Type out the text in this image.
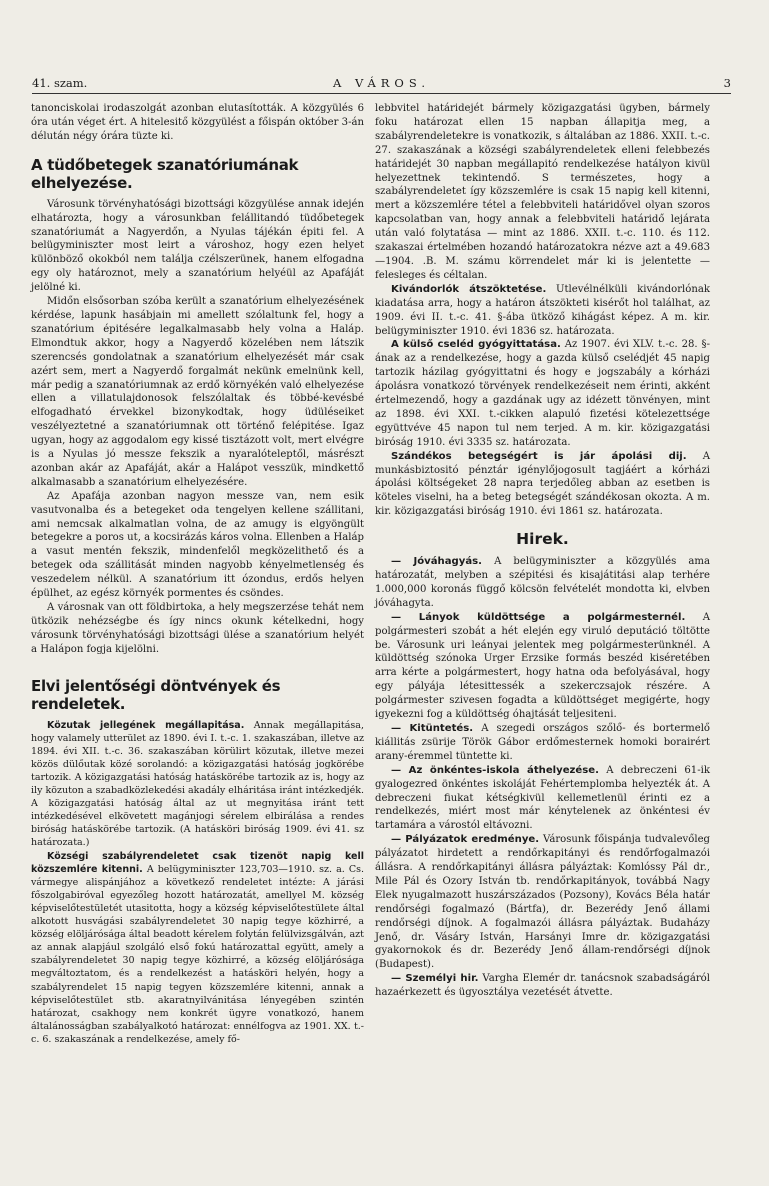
41. szam.	A VÁROS.	3

tanonciskolai irodaszolgát azonban elutasították. A közgyülés 6 óra után véget ért. A hitelesitő közgyülést a főispán október 3-án délután négy órára tüzte ki.

A tüdőbetegek szanatóriumának elhelyezése.

Városunk törvényhatósági bizottsági közgyülése annak idején elhatározta, hogy a városunkban felállitandó tüdőbetegek szanatóriumát a Nagyerdőn, a Nyulas tájékán épiti fel. A belügyminiszter most leirt a városhoz, hogy ezen helyet különböző okokból nem találja czélszerünek, hanem elfogadna egy oly határoznot, mely a szanatórium helyéül az Apafáját jelölné ki.

Midőn elsősorban szóba került a szanatórium elhelyezésének kérdése, lapunk hasábjain mi amellett szólaltunk fel, hogy a szanatórium épitésére legalkalmasabb hely volna a Haláp. Elmondtuk akkor, hogy a Nagyerdő közelében nem látszik szerencsés gondolatnak a szanatórium elhelyezését már csak azért sem, mert a Nagyerdő forgalmát nekünk emelnünk kell, már pedig a szanatóriumnak az erdő környékén való elhelyezése ellen a villatulajdonosok felszólaltak és többé-kevésbé elfogadható érvekkel bizonykodtak, hogy üdüléseiket veszélyeztetné a szanatóriumnak ott történő felépitése. Igaz ugyan, hogy az aggodalom egy kissé tisztázott volt, mert elvégre is a Nyulas jó messze fekszik a nyaralóteleptől, másrészt azonban akár az Apafáját, akár a Halápot vesszük, mindkettő alkalmasabb a szanatórium elhelyezésére.

Az Apafája azonban nagyon messze van, nem esik vasutvonalba és a betegeket oda tengelyen kellene szállitani, ami nemcsak alkalmatlan volna, de az amugy is elgyöngült betegekre a poros ut, a kocsirázás káros volna. Ellenben a Haláp a vasut mentén fekszik, mindenfelől megközelithető és a betegek oda szállitását minden nagyobb kényelmetlenség és veszedelem nélkül. A szanatórium itt ózondus, erdős helyen épülhet, az egész környék pormentes és csöndes.

A városnak van ott földbirtoka, a hely megszerzése tehát nem ütközik nehézségbe és így nincs okunk kételkedni, hogy városunk törvényhatósági bizottsági ülése a szanatórium helyét a Halápon fogja kijelölni.

Elvi jelentőségi döntvények és rendeletek.

Közutak jellegének megállapitása. Annak megállapitása, hogy valamely utterület az 1890. évi I. t.-c. 1. szakaszában, illetve az 1894. évi XII. t.-c. 36. szakaszában körülirt közutak, illetve mezei közös dülőutak közé sorolandó: a közigazgatási hatóság jogkörébe tartozik. A közigazgatási hatóság hatáskörébe tartozik az is, hogy az ily közuton a szabadközlekedési akadály elháritása iránt intézkedjék. A közigazgatási hatóság által az ut megnyitása iránt tett intézkedésével elkövetett magánjogi sérelem elbirálása a rendes biróság hatáskörébe tartozik. (A hatásköri biróság 1909. évi 41. sz határozata.)

Községi szabályrendeletet csak tizenöt napig kell közszemlére kitenni. A belügyminiszter 123,703—1910. sz. a. Cs. vármegye alispánjához a következő rendeletet intézte: A járási főszolgabiróval egyezőleg hozott határozatát, amellyel M. község képviselőtestületét utasitotta, hogy a község képviselőtestülete által alkotott husvágási szabályrendeletet 30 napig tegye közhirré, a község elöljárósága által beadott kérelem folytán felülvizsgálván, azt az annak alapjául szolgáló első fokú határozattal együtt, amely a szabályrendeletet 30 napig tegye közhirré, a község elöljárósága megváltoztatom, és a rendelkezést a hatásköri helyén, hogy a szabályrendelet 15 napig tegyen közszemlére kitenni, annak a képviselőtestület stb. akaratnyilvánitása lényegében szintén határozat, csakhogy nem konkrét ügyre vonatkozó, hanem általánosságban szabályalkotó határozat: ennélfogva az 1901. XX. t.-c. 6. szakaszának a rendelkezése, amely fő-

lebbvitel határidejét bármely közigazgatási ügyben, bármely foku határozat ellen 15 napban állapitja meg, a szabályrendeletekre is vonatkozik, s általában az 1886. XXII. t.-c. 27. szakaszának a községi szabályrendeletek elleni felebbezés határidejét 30 napban megállapitó rendelkezése hatályon kivül helyezettnek tekintendő. S természetes, hogy a szabályrendeletet így közszemlére is csak 15 napig kell kitenni, mert a közszemlére tétel a felebbviteli határidővel olyan szoros kapcsolatban van, hogy annak a felebbviteli határidő lejárata után való folytatása — mint az 1886. XXII. t.-c. 110. és 112. szakaszai értelmében hozandó határozatokra nézve azt a 49.683—1904. .B. M. számu körrendelet már ki is jelentette — felesleges és céltalan.

Kivándorlók átszöktetése. Utlevélnélküli kivándorlónak kiadatása arra, hogy a határon átszökteti kisérőt hol találhat, az 1909. évi II. t.-c. 41. §-ába ütköző kihágást képez. A m. kir. belügyminiszter 1910. évi 1836 sz. határozata.

A külső cseléd gyógyittatása. Az 1907. évi XLV. t.-c. 28. §-ának az a rendelkezése, hogy a gazda külső cselédjét 45 napig tartozik házilag gyógyittatni és hogy e jogszabály a kórházi ápolásra vonatkozó törvények rendelkezéseit nem érinti, akként értelmezendő, hogy a gazdának ugy az idézett tönvényen, mint az 1898. évi XXI. t.-cikken alapuló fizetési kötelezettsége együttvéve 45 napon tul nem terjed. A m. kir. közigazgatási biróság 1910. évi 3335 sz. határozata.

Szándékos betegségért is jár ápolási dij. A munkásbiztositó pénztár igénylőjogosult tagjáért a kórházi ápolási költségeket 28 napra terjedőleg abban az esetben is köteles viselni, ha a beteg betegségét szándékosan okozta. A m. kir. közigazgatási biróság 1910. évi 1861 sz. határozata.

Hirek.

— Jóváhagyás. A belügyminiszter a közgyülés ama határozatát, melyben a szépitési és kisajátitási alap terhére 1.000,000 koronás függő kölcsön felvételét mondotta ki, elvben jóváhagyta.

— Lányok küldöttsége a polgármesternél. A polgármesteri szobát a hét elején egy viruló deputáció töltötte be. Városunk uri leányai jelentek meg polgármesterünknél. A küldöttség szónoka Urger Erzsike formás beszéd kiséretében arra kérte a polgármestert, hogy hatna oda befolyásával, hogy egy pályája létesittessék a szekerczsajok részére. A polgármester szivesen fogadta a küldöttséget megigérte, hogy igyekezni fog a küldöttség óhajtását teljesiteni.

— Kitüntetés. A szegedi országos szőlő- és bortermelő kiállitás zsürije Török Gábor erdőmesternek homoki borairért arany-éremmel tüntette ki.

— Az önkéntes-iskola áthelyezése. A debreczeni 61-ik gyalogezred önkéntes iskoláját Fehértemplomba helyezték át. A debreczeni fiukat kétségkivül kellemetlenül érinti ez a rendelkezés, miért most már kénytelenek az önkéntesi év tartamára a várostól eltávozni.

— Pályázatok eredménye. Városunk főispánja tudvalevőleg pályázatot hirdetett a rendőrkapitányi és rendőrfogalmazói állásra. A rendőrkapitányi állásra pályáztak: Komlóssy Pál dr., Mile Pál és Ozory István tb. rendőrkapitányok, továbbá Nagy Elek nyugalmazott huszárszázados (Pozsony), Kovács Béla határ rendőrségi fogalmazó (Bártfa), dr. Bezerédy Jenő állami rendőrségi díjnok. A fogalmazói állásra pályáztak. Budaházy Jenő, dr. Vásáry István, Harsányi Imre dr. közigazgatási gyakornokok és dr. Bezerédy Jenő állam-rendőrségi díjnok (Budapest).

— Személyi hir. Vargha Elemér dr. tanácsnok szabadságáról hazaérkezett és ügyosztálya vezetését átvette.
